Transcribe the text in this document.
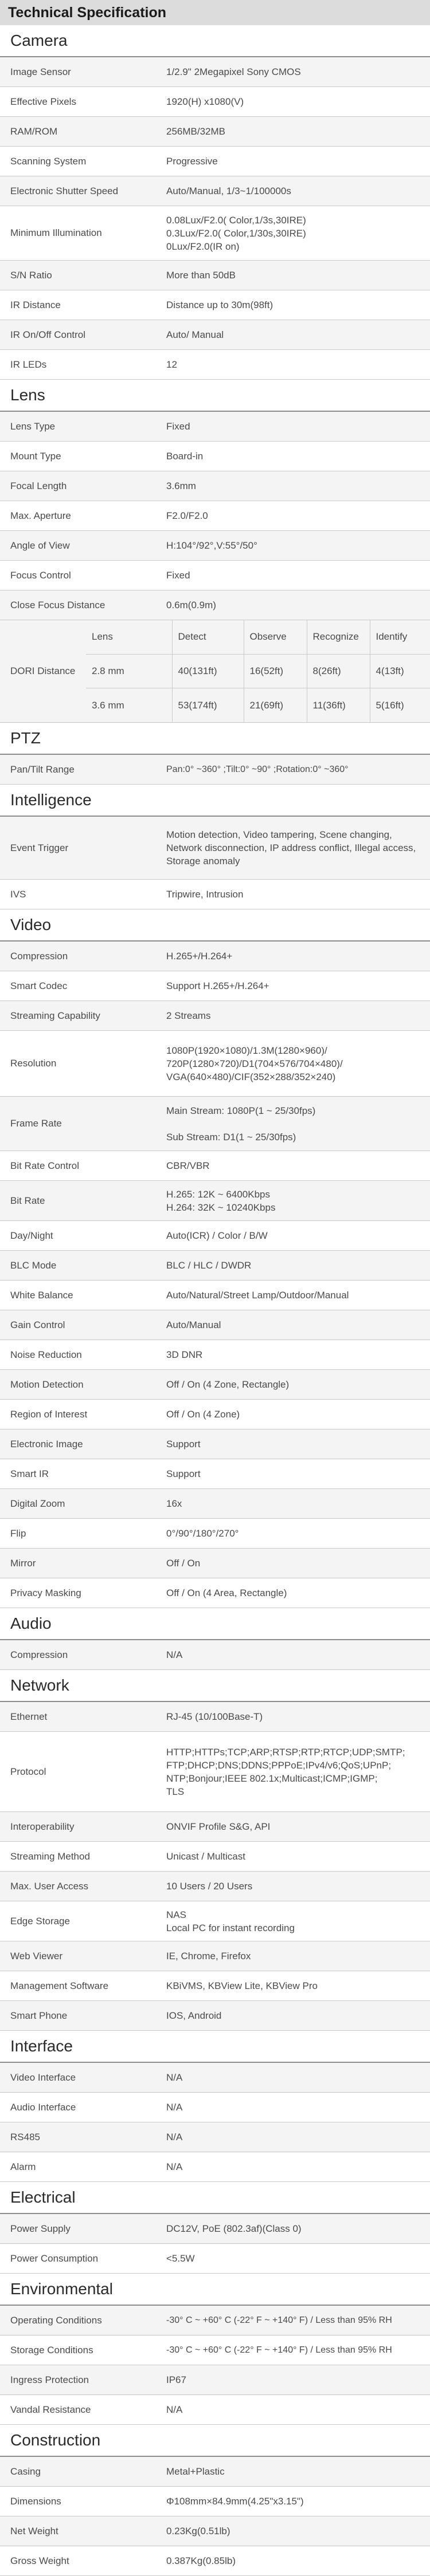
Technical Specification
Camera
Image Sensor	1/2.9" 2Megapixel Sony CMOS
Effective Pixels	1920(H) x1080(V)
RAM/ROM	256MB/32MB
Scanning System	Progressive
Electronic Shutter Speed	Auto/Manual, 1/3~1/100000s
Minimum Illumination
0.08Lux/F2.0( Color,1/3s,30IRE)
0.3Lux/F2.0( Color,1/30s,30IRE)
0Lux/F2.0(IR on)
S/N Ratio	More than 50dB
IR Distance	Distance up to 30m(98ft)
IR On/Off Control	Auto/ Manual
IR LEDs	12
Lens
Lens Type	Fixed
Mount Type	Board-in
Focal Length	3.6mm
Max. Aperture	F2.0/F2.0
Angle of View	H:104°/92°,V:55°/50°
Focus Control	Fixed
Close Focus Distance	0.6m(0.9m)
DORI Distance
Lens	Detect	Observe	Recognize	Identify
2.8 mm	40(131ft)	16(52ft)	8(26ft)	4(13ft)
3.6 mm	53(174ft)	21(69ft)	11(36ft)	5(16ft)
PTZ
Pan/Tilt Range	Pan:0° ~360° ;Tilt:0° ~90° ;Rotation:0° ~360°
Intelligence
Event Trigger
Motion detection, Video tampering, Scene changing, Network disconnection, IP address conflict, Illegal access, Storage anomaly
IVS	Tripwire, Intrusion
Video
Compression	H.265+/H.264+
Smart Codec	Support H.265+/H.264+
Streaming Capability	2 Streams
Resolution
1080P(1920×1080)/1.3M(1280×960)/
720P(1280×720)/D1(704×576/704×480)/
VGA(640×480)/CIF(352×288/352×240)
Frame Rate
Main Stream: 1080P(1 ~ 25/30fps)

Sub Stream: D1(1 ~ 25/30fps)
Bit Rate Control	CBR/VBR
Bit Rate
H.265: 12K ~ 6400Kbps
H.264: 32K ~ 10240Kbps
Day/Night	Auto(ICR) / Color / B/W
BLC Mode	BLC / HLC / DWDR
White Balance	Auto/Natural/Street Lamp/Outdoor/Manual
Gain Control	Auto/Manual
Noise Reduction	3D DNR
Motion Detection	Off / On (4 Zone, Rectangle)
Region of Interest	Off / On (4 Zone)
Electronic Image	Support
Smart IR	Support
Digital Zoom	16x
Flip	0°/90°/180°/270°
Mirror	Off / On
Privacy Masking	Off / On (4 Area, Rectangle)
Audio
Compression	N/A
Network
Ethernet	RJ-45 (10/100Base-T)
Protocol
HTTP;HTTPs;TCP;ARP;RTSP;RTP;RTCP;UDP;SMTP;
FTP;DHCP;DNS;DDNS;PPPoE;IPv4/v6;QoS;UPnP;
NTP;Bonjour;IEEE 802.1x;Multicast;ICMP;IGMP;
TLS
Interoperability	ONVIF Profile S&G, API
Streaming Method	Unicast / Multicast
Max. User Access	10 Users / 20 Users
Edge Storage
NAS
Local PC for instant recording
Web Viewer	IE, Chrome, Firefox
Management Software	KBiVMS, KBView Lite, KBView Pro
Smart Phone	IOS, Android
Interface
Video Interface	N/A
Audio Interface	N/A
RS485	N/A
Alarm	N/A
Electrical
Power Supply	DC12V, PoE (802.3af)(Class 0)
Power Consumption	<5.5W
Environmental
Operating Conditions	-30° C ~ +60° C (-22° F ~ +140° F) / Less than 95% RH
Storage Conditions	-30° C ~ +60° C (-22° F ~ +140° F) / Less than 95% RH
Ingress Protection	IP67
Vandal Resistance	N/A
Construction
Casing	Metal+Plastic
Dimensions	Φ108mm×84.9mm(4.25"x3.15")
Net Weight	0.23Kg(0.51lb)
Gross Weight	0.387Kg(0.85lb)
